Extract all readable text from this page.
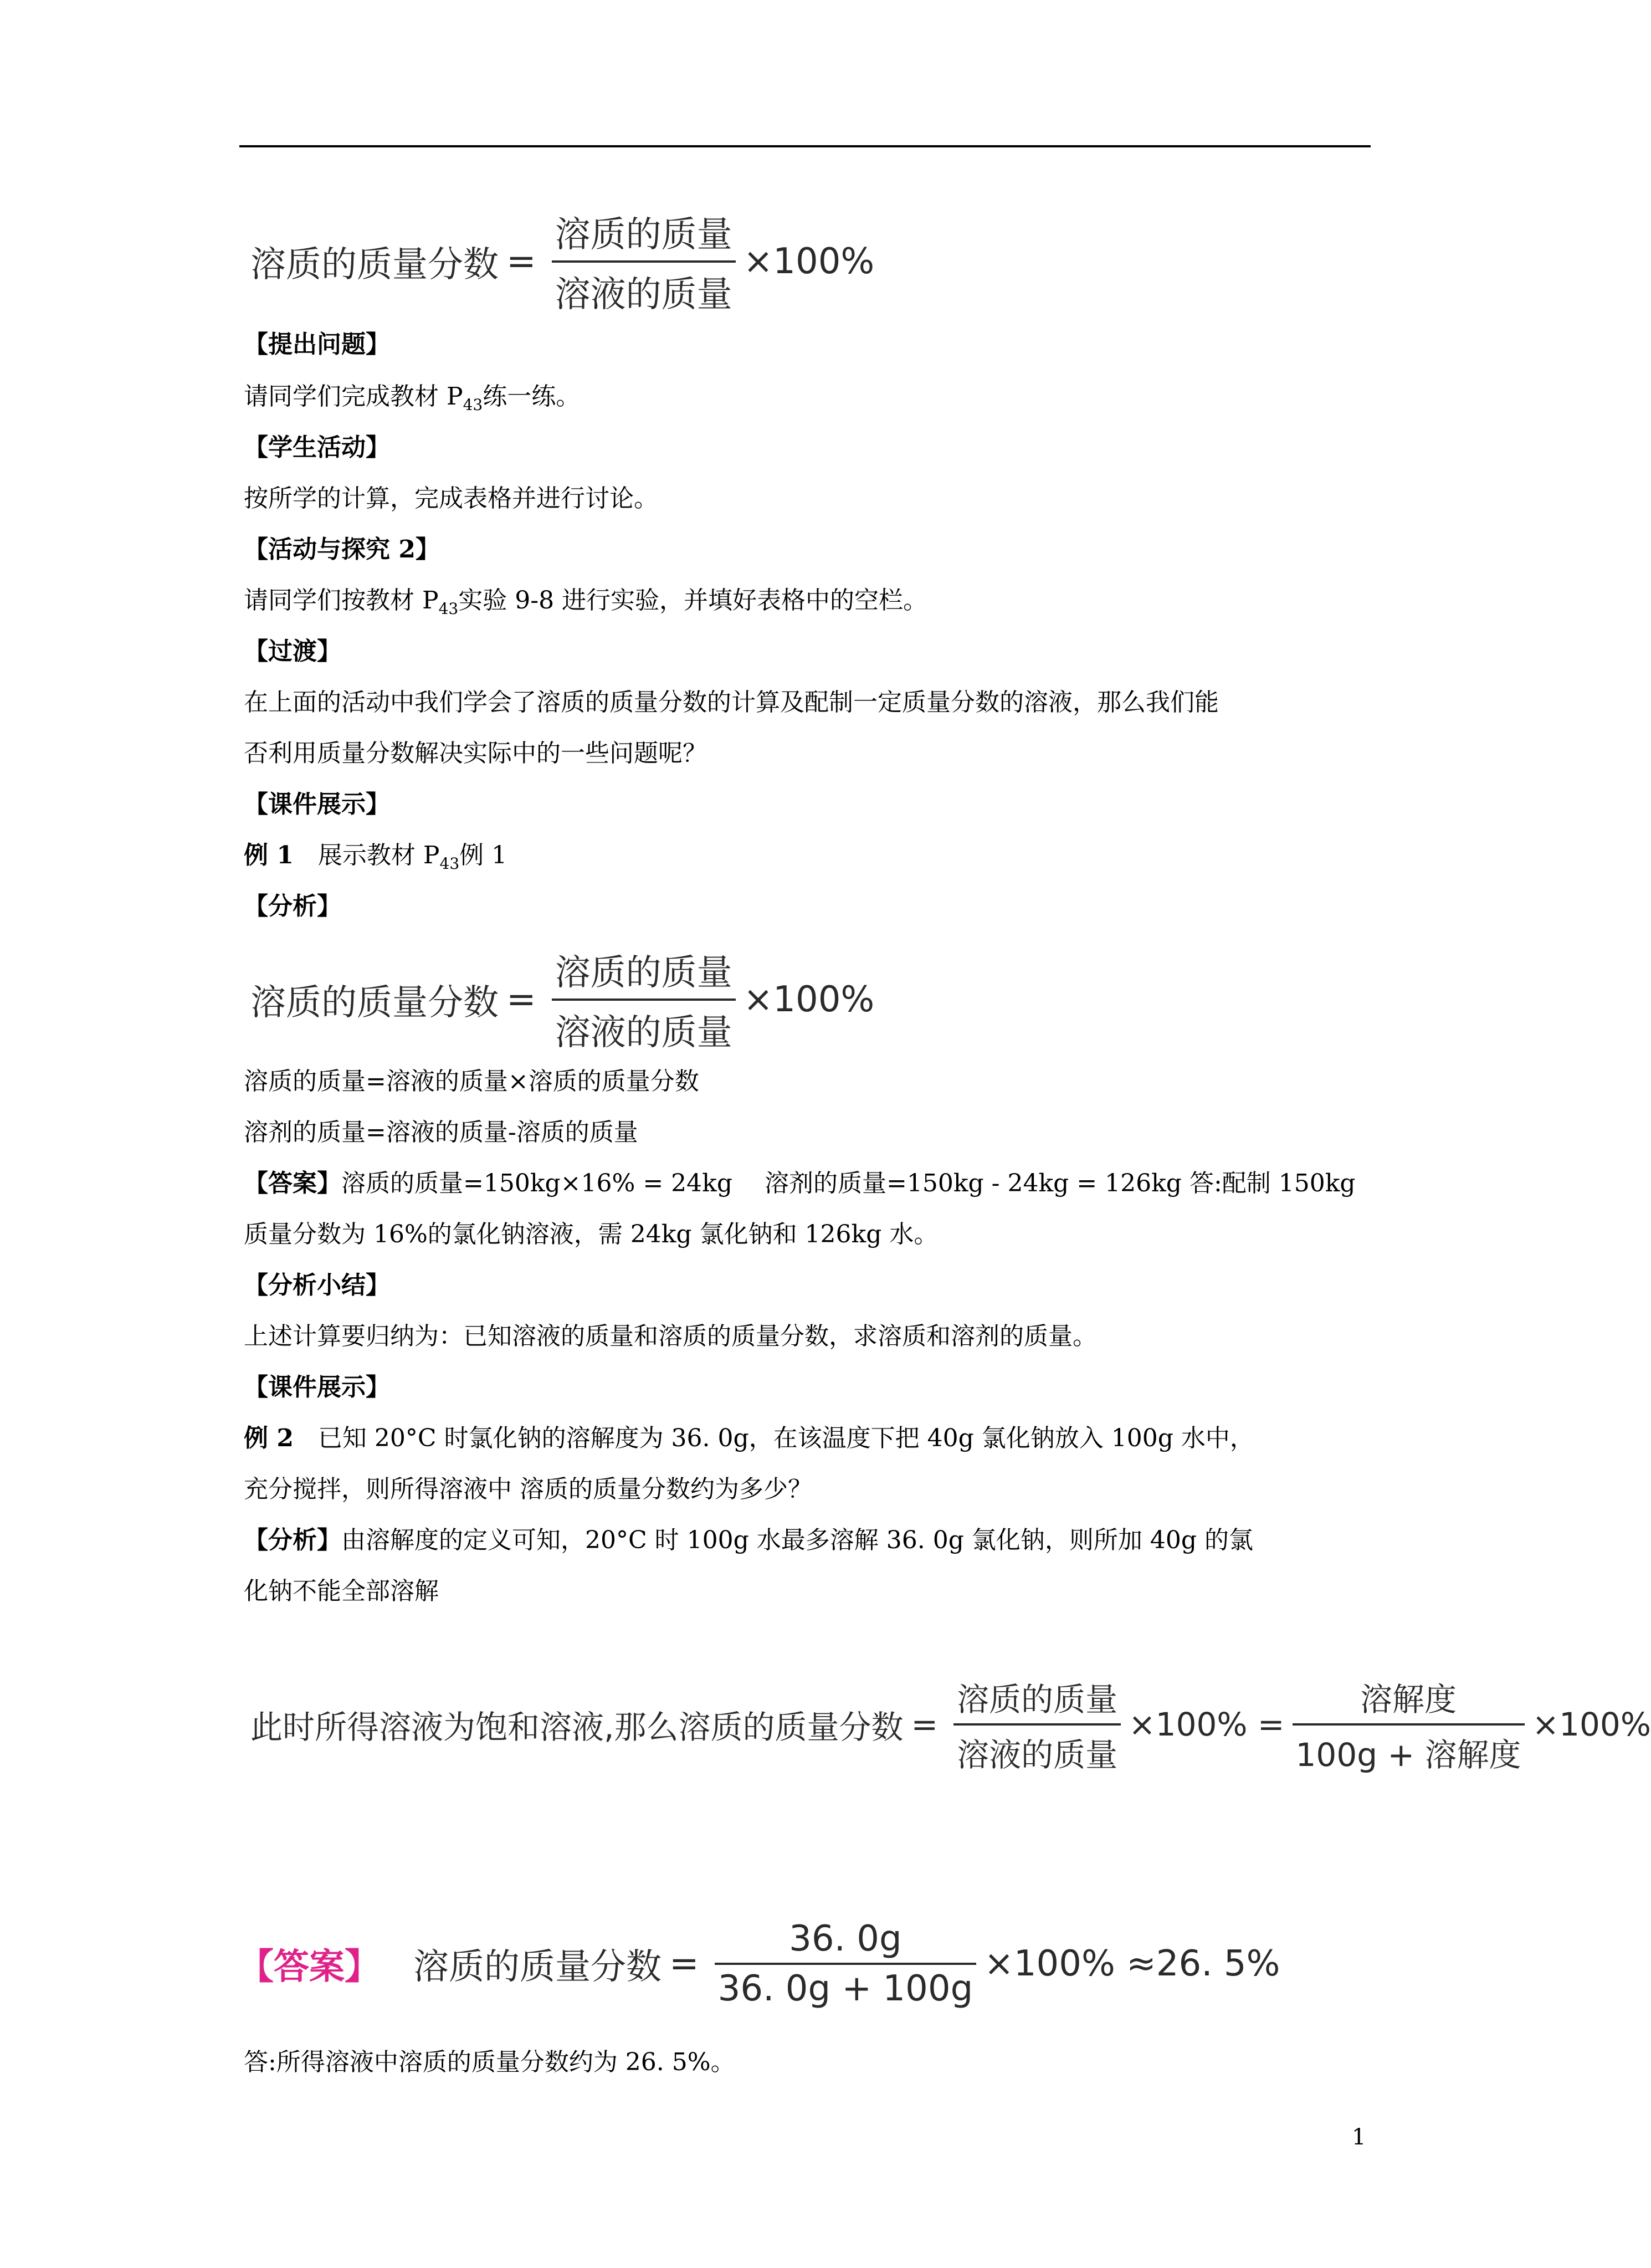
溶质的质量分数 = $\frac{\text{溶质的质量}}{\text{溶液的质量}} \times 100\%$
【提出问题】
请同学们完成教材 $P_{43}$练一练。
【学生活动】
按所学的计算，完成表格并进行讨论。
【活动与探究 2】
请同学们按教材 $P_{43}$实验 9-8 进行实验，并填好表格中的空栏。
【过渡】
在上面的活动中我们学会了溶质的质量分数的计算及配制一定质量分数的溶液，那么我们能
否利用质量分数解决实际中的一些问题呢？
【课件展示】
例 1　展示教材 $P_{43}$例 1
【分析】
溶质的质量分数 = $\frac{\text{溶质的质量}}{\text{溶液的质量}} \times 100\%$
溶质的质量=溶液的质量×溶质的质量分数
溶剂的质量=溶液的质量-溶质的质量
【答案】溶质的质量=150kg×16% = 24kg　 溶剂的质量=150kg - 24kg = 126kg 答:配制 150kg
质量分数为 16%的氯化钠溶液，需 24kg 氯化钠和 126kg 水。
【分析小结】
上述计算要归纳为：已知溶液的质量和溶质的质量分数，求溶质和溶剂的质量。
【课件展示】
例 2　已知 20°C 时氯化钠的溶解度为 36. 0g，在该温度下把 40g 氯化钠放入 100g 水中，
充分搅拌，则所得溶液中 溶质的质量分数约为多少？
【分析】由溶解度的定义可知，20°C 时 100g 水最多溶解 36. 0g 氯化钠，则所加 40g 的氯
化钠不能全部溶解
此时所得溶液为饱和溶液,那么溶质的质量分数 = $\frac{\text{溶质的质量}}{\text{溶液的质量}} \times 100\% = \frac{\text{溶解度}}{\text{100g + 溶解度}} \times 100\%$
【答案】 溶质的质量分数 = $\frac{36. 0g}{36. 0g + 100g} \times 100\% \approx 26$. 5%
答:所得溶液中溶质的质量分数约为 26. 5%。
1
